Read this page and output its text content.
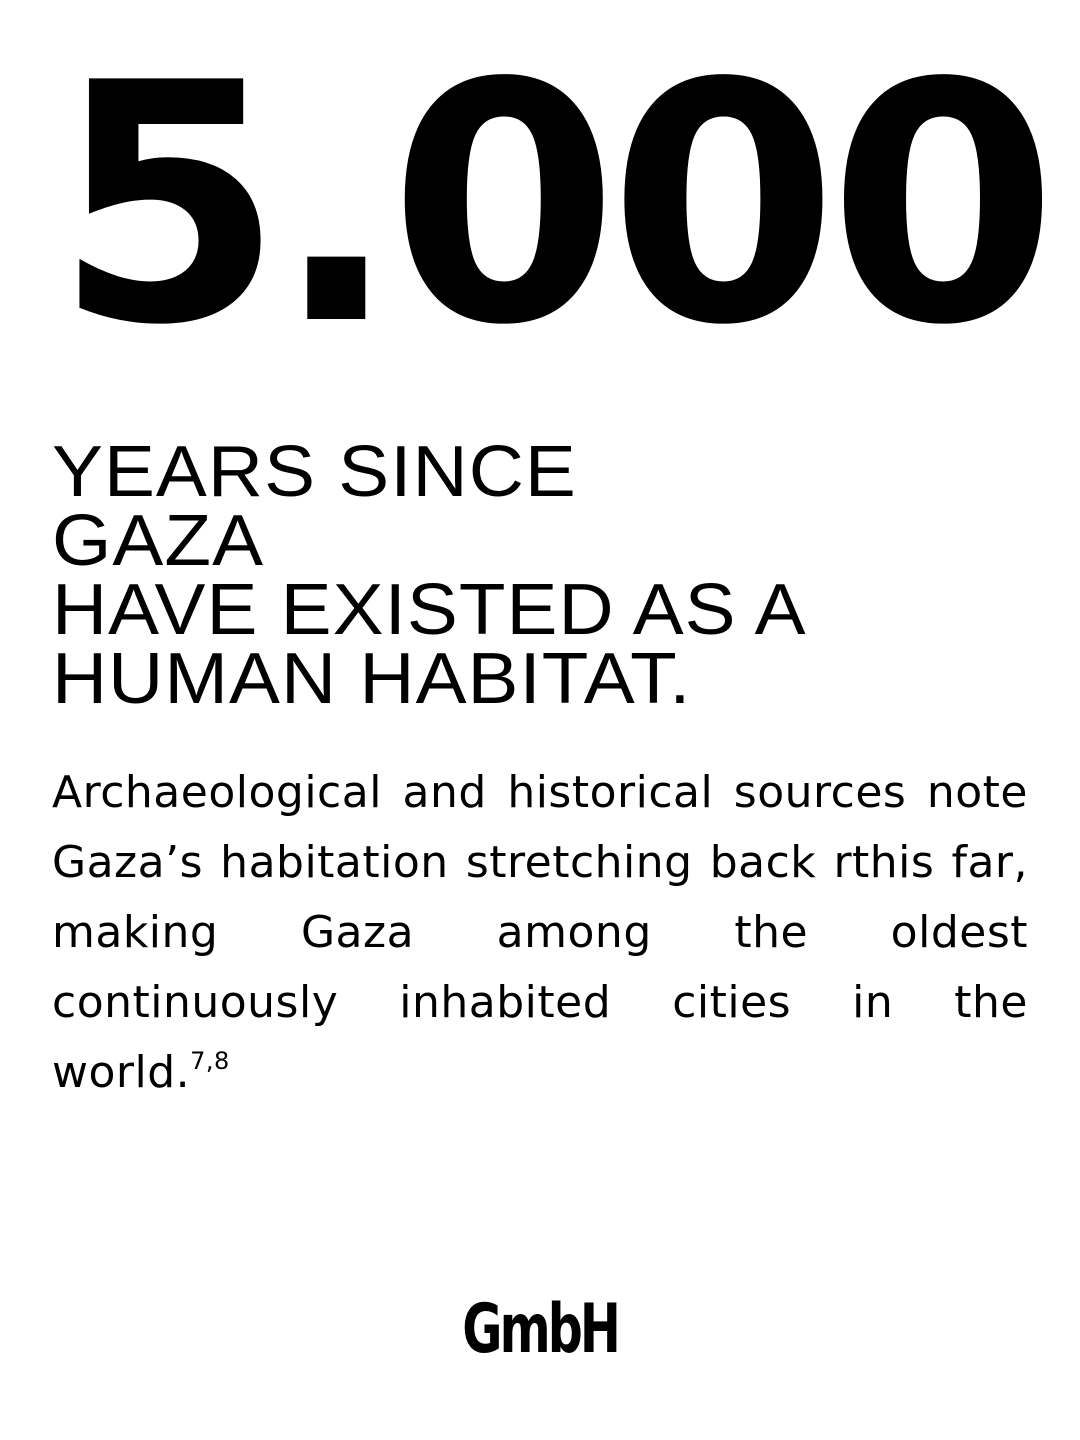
5.000
YEARS SINCE
GAZA
HAVE EXISTED AS A
HUMAN HABITAT.

Archaeological and historical sources note Gaza’s habitation stretching back rthis far, making Gaza among the oldest continuously inhabited cities in the world.$^{7,8}$

GmbH
